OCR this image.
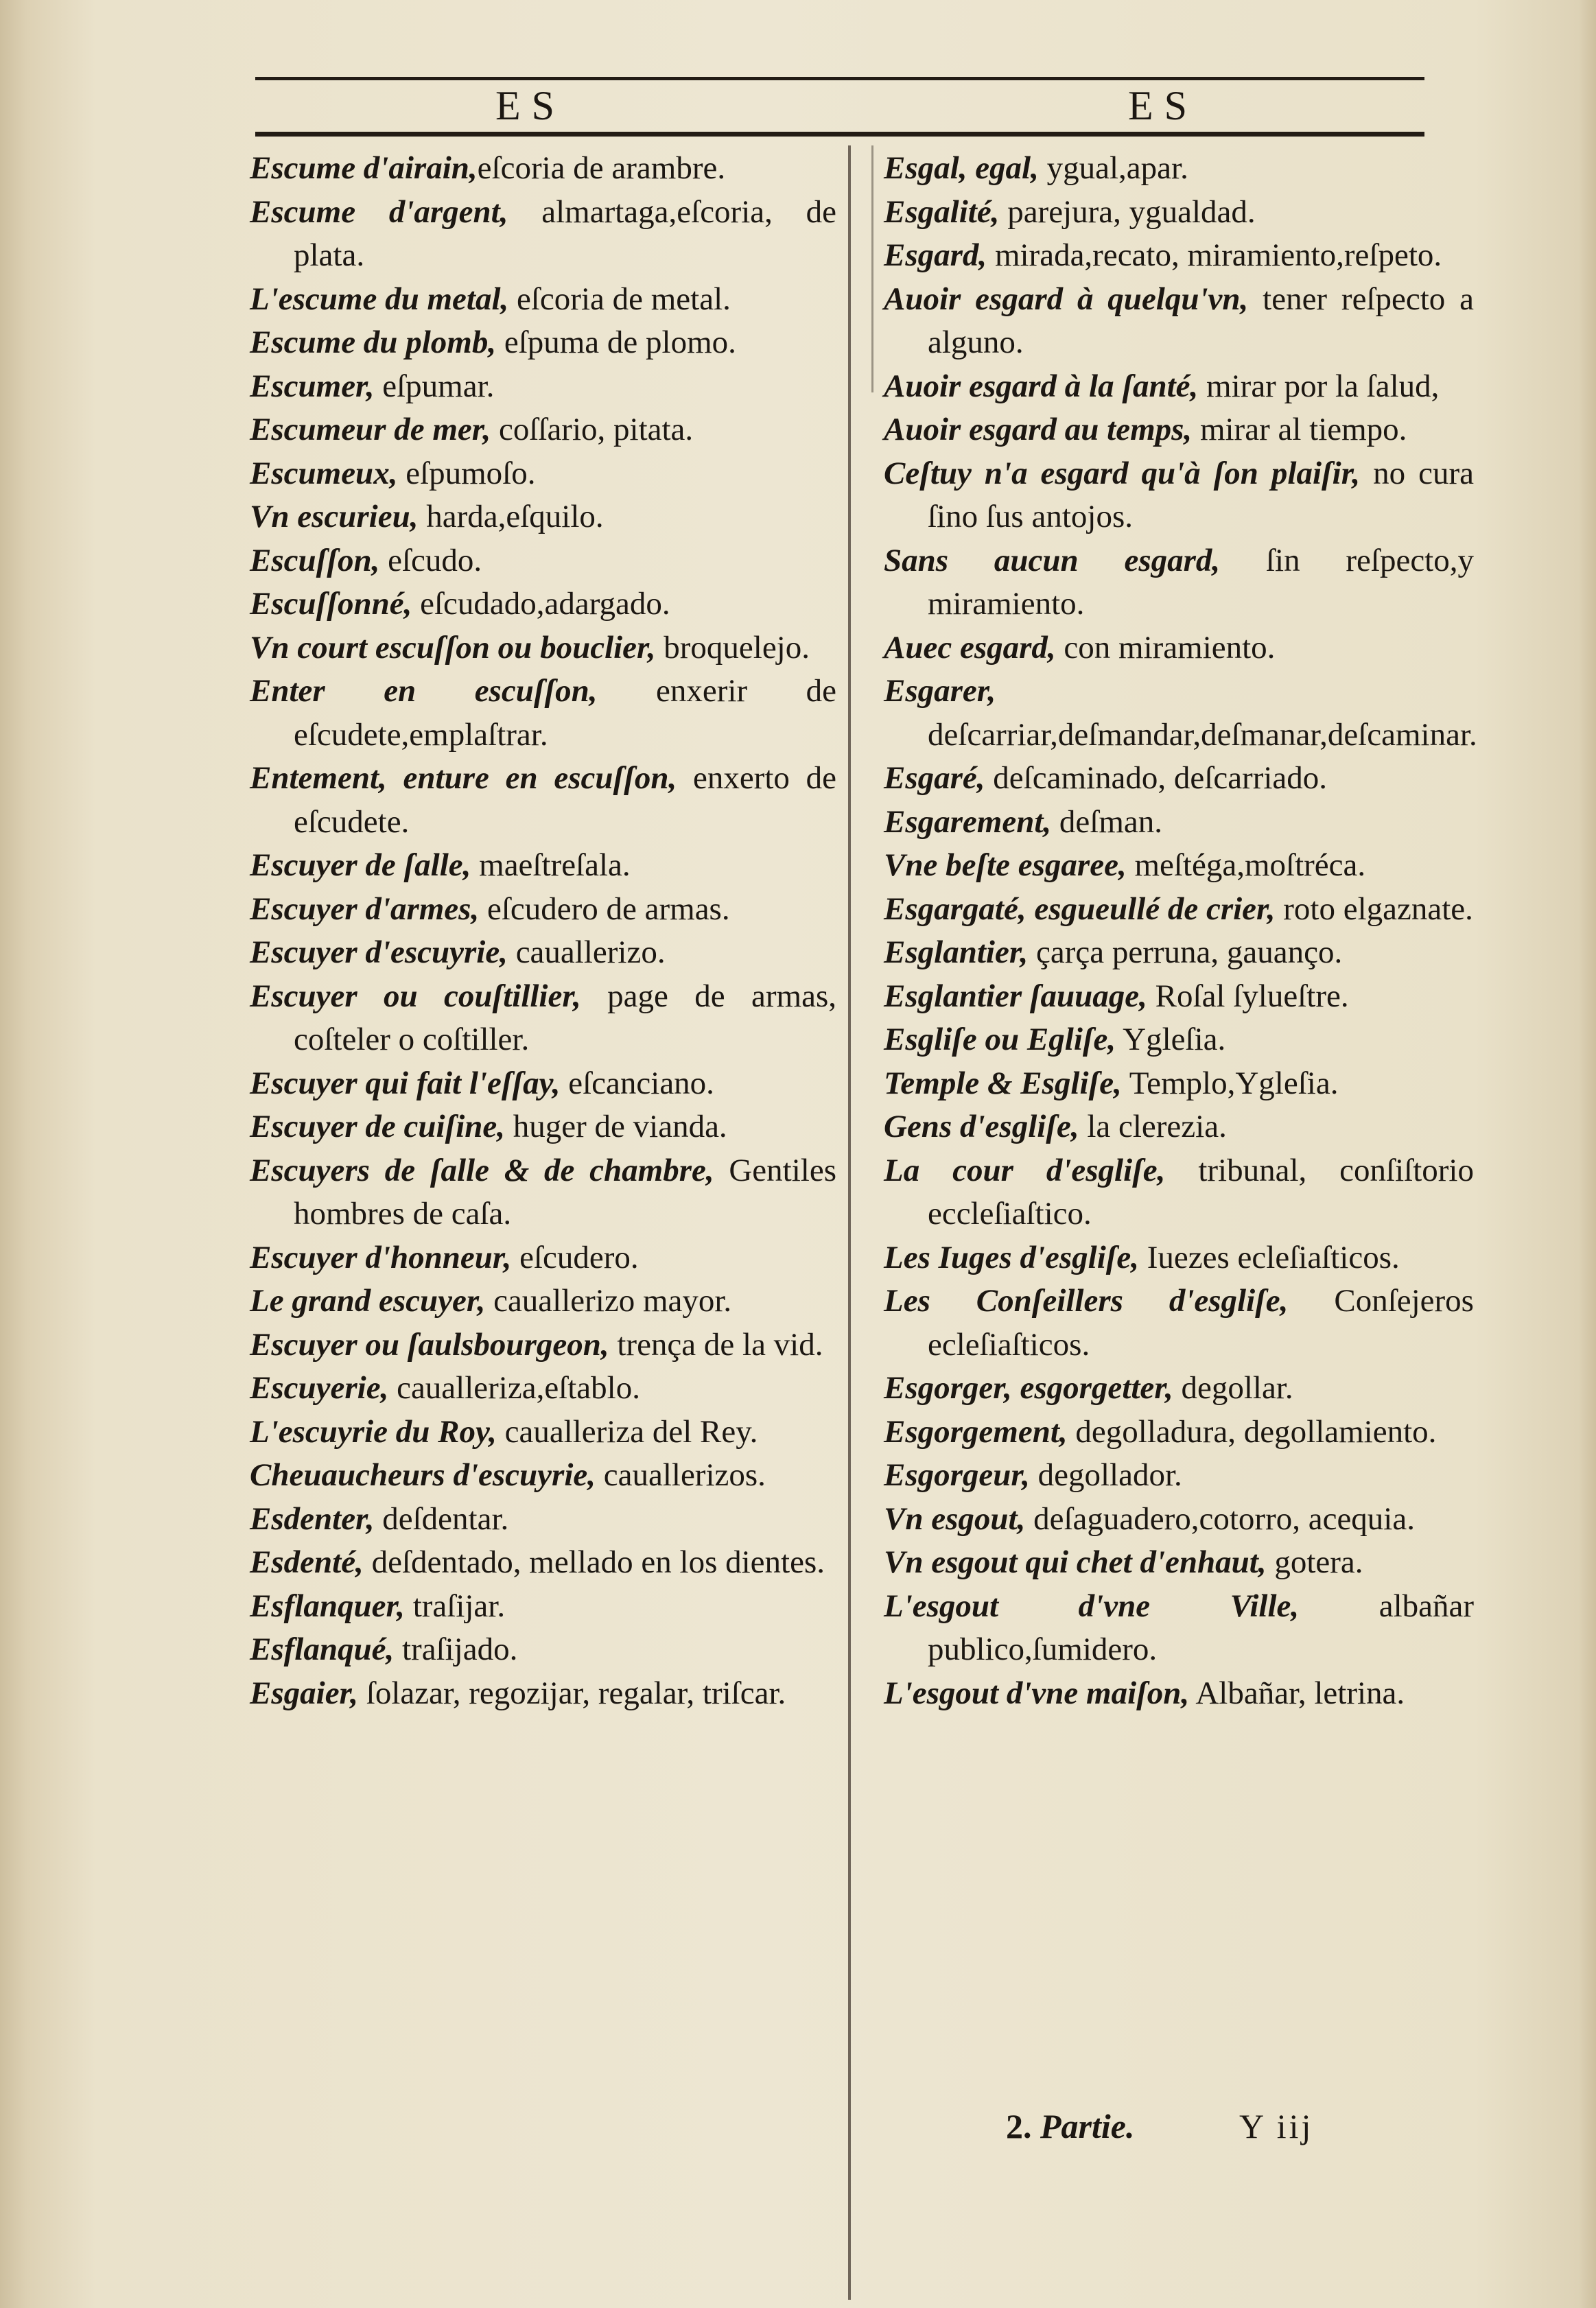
ES	ES
Escume d'airain,eſcoria de arambre.
Escume d'argent, almartaga,eſcoria, de plata.
L'escume du metal, eſcoria de metal.
Escume du plomb, eſpuma de plomo.
Escumer, eſpumar.
Escumeur de mer, coſſario, pitata.
Escumeux, eſpumoſo.
Vn escurieu, harda,eſquilo.
Escuſſon, eſcudo.
Escuſſonné, eſcudado,adargado.
Vn court escuſſon ou bouclier, broquelejo.
Enter en escuſſon, enxerir de eſcudete,emplaſtrar.
Entement, enture en escuſſon, enxerto de eſcudete.
Escuyer de ſalle, maeſtreſala.
Escuyer d'armes, eſcudero de armas.
Escuyer d'escuyrie, cauallerizo.
Escuyer ou couſtillier, page de armas, coſteler o coſtiller.
Escuyer qui fait l'eſſay, eſcanciano.
Escuyer de cuiſine, huger de vianda.
Escuyers de ſalle & de chambre, Gentiles hombres de caſa.
Escuyer d'honneur, eſcudero.
Le grand escuyer, cauallerizo mayor.
Escuyer ou ſaulsbourgeon, trença de la vid.
Escuyerie, caualleriza,eſtablo.
L'escuyrie du Roy, caualleriza del Rey.
Cheuaucheurs d'escuyrie, cauallerizos.
Esdenter, deſdentar.
Esdenté, deſdentado, mellado en los dientes.
Esflanquer, traſijar.
Esflanqué, traſijado.
Esgaier, ſolazar, regozijar, regalar, triſcar.
Esgal, egal, ygual,apar.
Esgalité, parejura, ygualdad.
Esgard, mirada,recato, miramiento,reſpeto.
Auoir esgard à quelqu'vn, tener reſpecto a alguno.
Auoir esgard à la ſanté, mirar por la ſalud,
Auoir esgard au temps, mirar al tiempo.
Ceſtuy n'a esgard qu'à ſon plaiſir, no cura ſino ſus antojos.
Sans aucun esgard, ſin reſpecto,y miramiento.
Auec esgard, con miramiento.
Esgarer, deſcarriar,deſmandar,deſmanar,deſcaminar.
Esgaré, deſcaminado, deſcarriado.
Esgarement, deſman.
Vne beſte esgaree, meſtéga,moſtréca.
Esgargaté, esgueullé de crier, roto elgaznate.
Esglantier, çarça perruna, gauanço.
Esglantier ſauuage, Roſal ſylueſtre.
Esgliſe ou Egliſe, Ygleſia.
Temple & Esgliſe, Templo,Ygleſia.
Gens d'esgliſe, la clerezia.
La cour d'esgliſe, tribunal, conſiſtorio eccleſiaſtico.
Les Iuges d'esgliſe, Iuezes ecleſiaſticos.
Les Conſeillers d'esgliſe, Conſejeros ecleſiaſticos.
Esgorger, esgorgetter, degollar.
Esgorgement, degolladura, degollamiento.
Esgorgeur, degollador.
Vn esgout, deſaguadero,cotorro, acequia.
Vn esgout qui chet d'enhaut, gotera.
L'esgout d'vne Ville, albañar publico,ſumidero.
L'esgout d'vne maiſon, Albañar, letrina.
2. Partie.	Y iij
